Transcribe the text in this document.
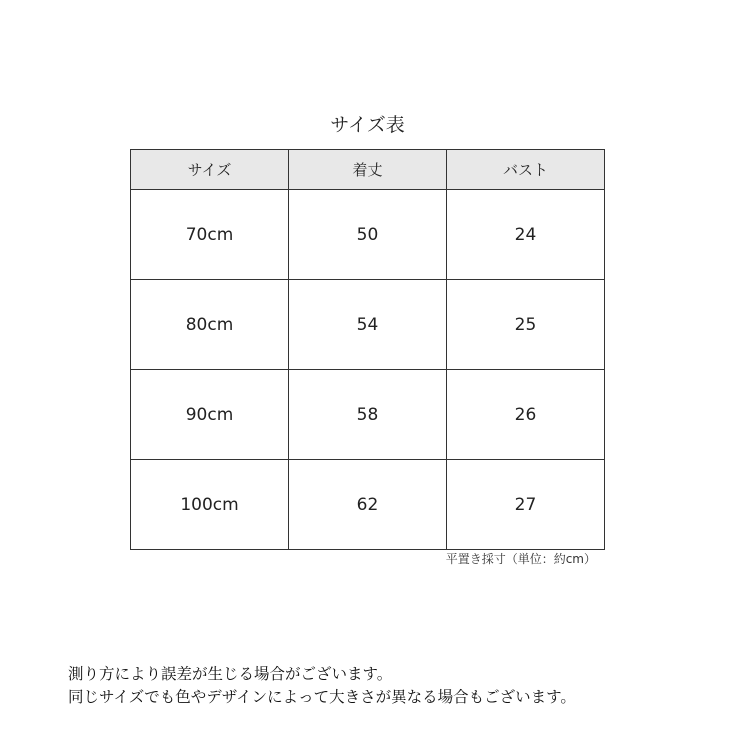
サイズ表
サイズ	着丈	バスト
70cm	50	24
80cm	54	25
90cm	58	26
100cm	62	27
平置き採寸（単位：約cm）
測り方により誤差が生じる場合がございます。
同じサイズでも色やデザインによって大きさが異なる場合もございます。
